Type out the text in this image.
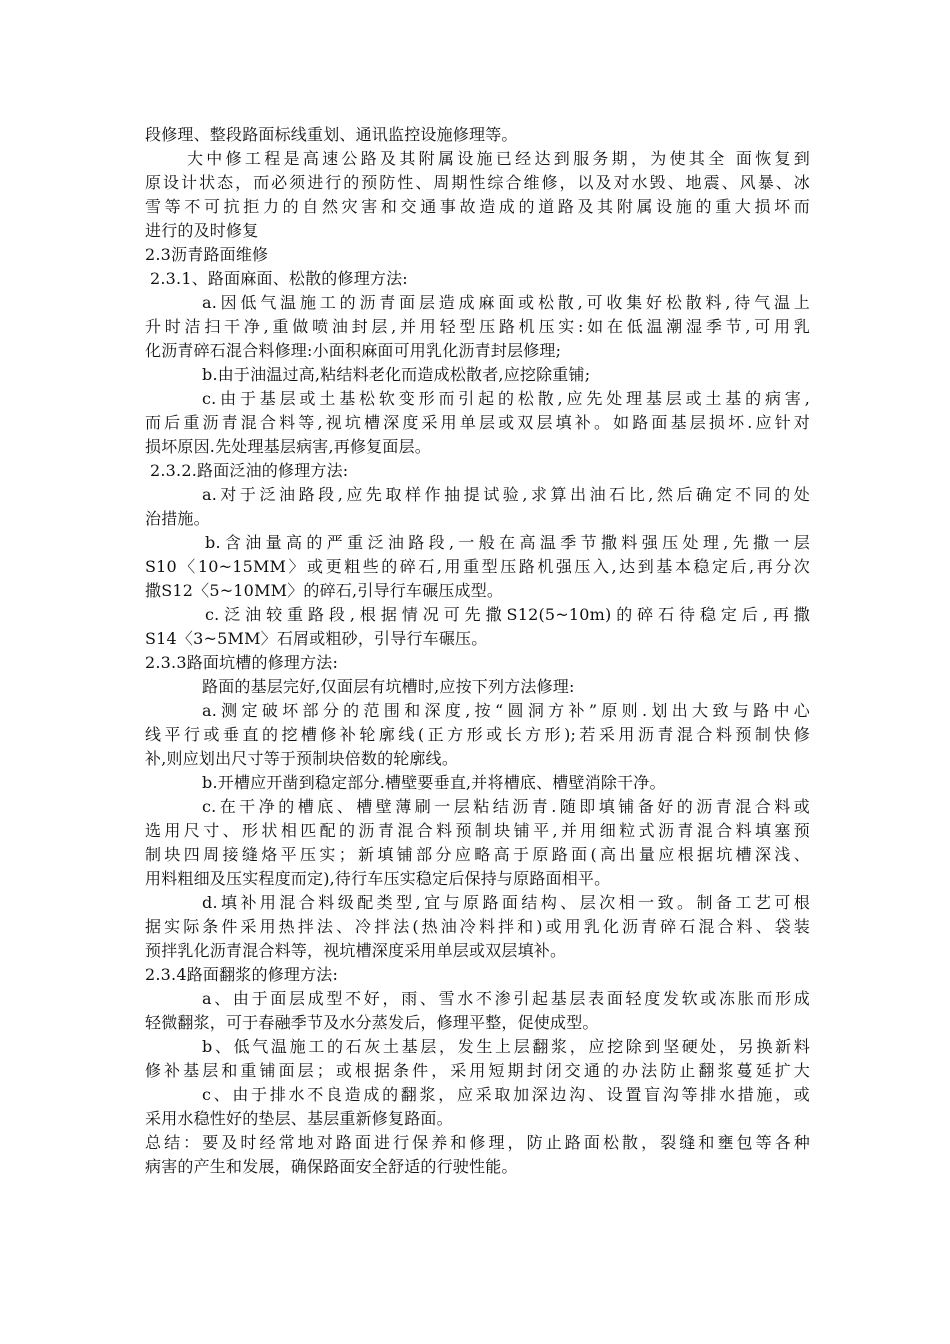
段修理、整段路面标线重划、通讯监控设施修理等。
大中修工程是高速公路及其附属设施已经达到服务期，为使其全 面恢复到
原设计状态，而必须进行的预防性、周期性综合维修，以及对水毁、地震、风暴、冰
雪等不可抗拒力的自然灾害和交通事故造成的道路及其附属设施的重大损坏而
进行的及时修复
2.3沥青路面维修
2.3.1、路面麻面、松散的修理方法:
a.因低气温施工的沥青面层造成麻面或松散,可收集好松散料,待气温上
升时洁扫干净,重做喷油封层,并用轻型压路机压实:如在低温潮湿季节,可用乳
化沥青碎石混合料修理:小面积麻面可用乳化沥青封层修理;
b.由于油温过高,粘结料老化而造成松散者,应挖除重铺;
c.由于基层或土基松软变形而引起的松散,应先处理基层或土基的病害,
而后重沥青混合料等,视坑槽深度采用单层或双层填补。如路面基层损坏.应针对
损坏原因.先处理基层病害,再修复面层。
2.3.2.路面泛油的修理方法:
a.对于泛油路段,应先取样作抽提试验,求算出油石比,然后确定不同的处
治措施。
b.含油量高的严重泛油路段,一般在高温季节撒料强压处理,先撒一层
S10〈10~15MM〉或更粗些的碎石,用重型压路机强压入,达到基本稳定后,再分次
撒S12〈5~10MM〉的碎石,引导行车碾压成型。
c.泛油较重路段,根据情况可先撒S12(5~10m)的碎石待稳定后,再撒
S14〈3~5MM〉石屑或粗砂，引导行车碾压。
2.3.3路面坑槽的修理方法:
路面的基层完好,仅面层有坑槽时,应按下列方法修理:
a.测定破坏部分的范围和深度,按“圆洞方补”原则.划出大致与路中心
线平行或垂直的挖槽修补轮廓线(正方形或长方形);若采用沥青混合料预制快修
补,则应划出尺寸等于预制块倍数的轮廓线。
b.开槽应开凿到稳定部分.槽壁要垂直,并将槽底、槽壁消除干净。
c.在干净的槽底、槽壁薄刷一层粘结沥青.随即填铺备好的沥青混合料或
选用尺寸、形状相匹配的沥青混合料预制块铺平,并用细粒式沥青混合料填塞预
制块四周接缝烙平压实；新填铺部分应略高于原路面(高出量应根据坑槽深浅、
用料粗细及压实程度而定),待行车压实稳定后保持与原路面相平。
d.填补用混合料级配类型,宜与原路面结构、层次相一致。制备工艺可根
据实际条件采用热拌法、冷拌法(热油冷料拌和)或用乳化沥青碎石混合料、袋装
预拌乳化沥青混合料等，视坑槽深度采用单层或双层填补。
2.3.4路面翻浆的修理方法:
a、由于面层成型不好，雨、雪水不渗引起基层表面轻度发软或冻胀而形成
轻微翻浆，可于春融季节及水分蒸发后，修理平整，促使成型。
b、低气温施工的石灰土基层，发生上层翻浆，应挖除到坚硬处，另换新料
修补基层和重铺面层；或根据条件，采用短期封闭交通的办法防止翻浆蔓延扩大
c、由于排水不良造成的翻浆，应采取加深边沟、设置盲沟等排水措施，或
采用水稳性好的垫层、基层重新修复路面。
总结：要及时经常地对路面进行保养和修理，防止路面松散，裂缝和壅包等各种
病害的产生和发展，确保路面安全舒适的行驶性能。
